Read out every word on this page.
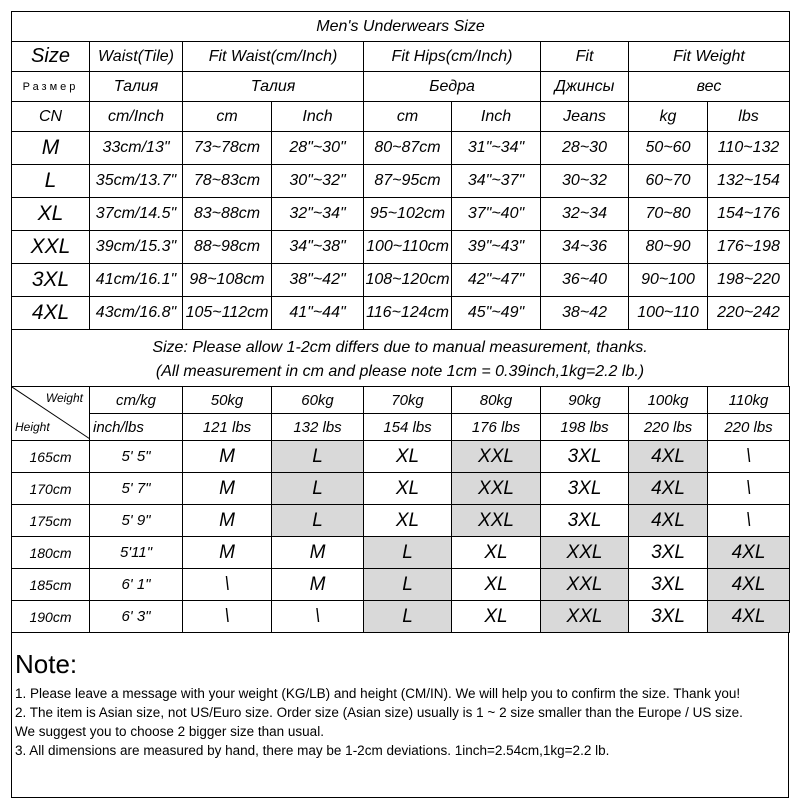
Men's Underwears Size								
Size	Waist(Tile)	Fit Waist(cm/Inch)		Fit Hips(cm/Inch)		Fit	Fit Weight	
Размер	Талия	Талия		Бедра		Джинсы	вес	
CN	cm/Inch	cm	Inch	cm	Inch	Jeans	kg	lbs
M	33cm/13"	73~78cm	28"~30"	80~87cm	31"~34"	28~30	50~60	110~132
L	35cm/13.7"	78~83cm	30"~32"	87~95cm	34"~37"	30~32	60~70	132~154
XL	37cm/14.5"	83~88cm	32"~34"	95~102cm	37"~40"	32~34	70~80	154~176
XXL	39cm/15.3"	88~98cm	34"~38"	100~110cm	39"~43"	34~36	80~90	176~198
3XL	41cm/16.1"	98~108cm	38"~42"	108~120cm	42"~47"	36~40	90~100	198~220
4XL	43cm/16.8"	105~112cm	41"~44"	116~124cm	45"~49"	38~42	100~110	220~242
Size: Please allow 1-2cm differs due to manual measurement, thanks.
(All measurement in cm and please note 1cm = 0.39inch,1kg=2.2 lb.)
Weight
Height	cm/kg	50kg	60kg	70kg	80kg	90kg	100kg	110kg
	inch/lbs	121 lbs	132 lbs	154 lbs	176 lbs	198 lbs	220 lbs	220 lbs
165cm	5' 5"	M	L	XL	XXL	3XL	4XL	\
170cm	5' 7"	M	L	XL	XXL	3XL	4XL	\
175cm	5' 9"	M	L	XL	XXL	3XL	4XL	\
180cm	5'11"	M	M	L	XL	XXL	3XL	4XL
185cm	6' 1"	\	M	L	XL	XXL	3XL	4XL
190cm	6' 3"	\	\	L	XL	XXL	3XL	4XL
Note:

1. Please leave a message with your weight (KG/LB) and height (CM/IN). We will help you to confirm the size. Thank you!

2. The item is Asian size, not US/Euro size. Order size (Asian size) usually is 1 ~ 2 size smaller than the Europe / US size.

We suggest you to choose 2 bigger size than usual.

3. All dimensions are measured by hand, there may be 1-2cm deviations. 1inch=2.54cm,1kg=2.2 lb.
